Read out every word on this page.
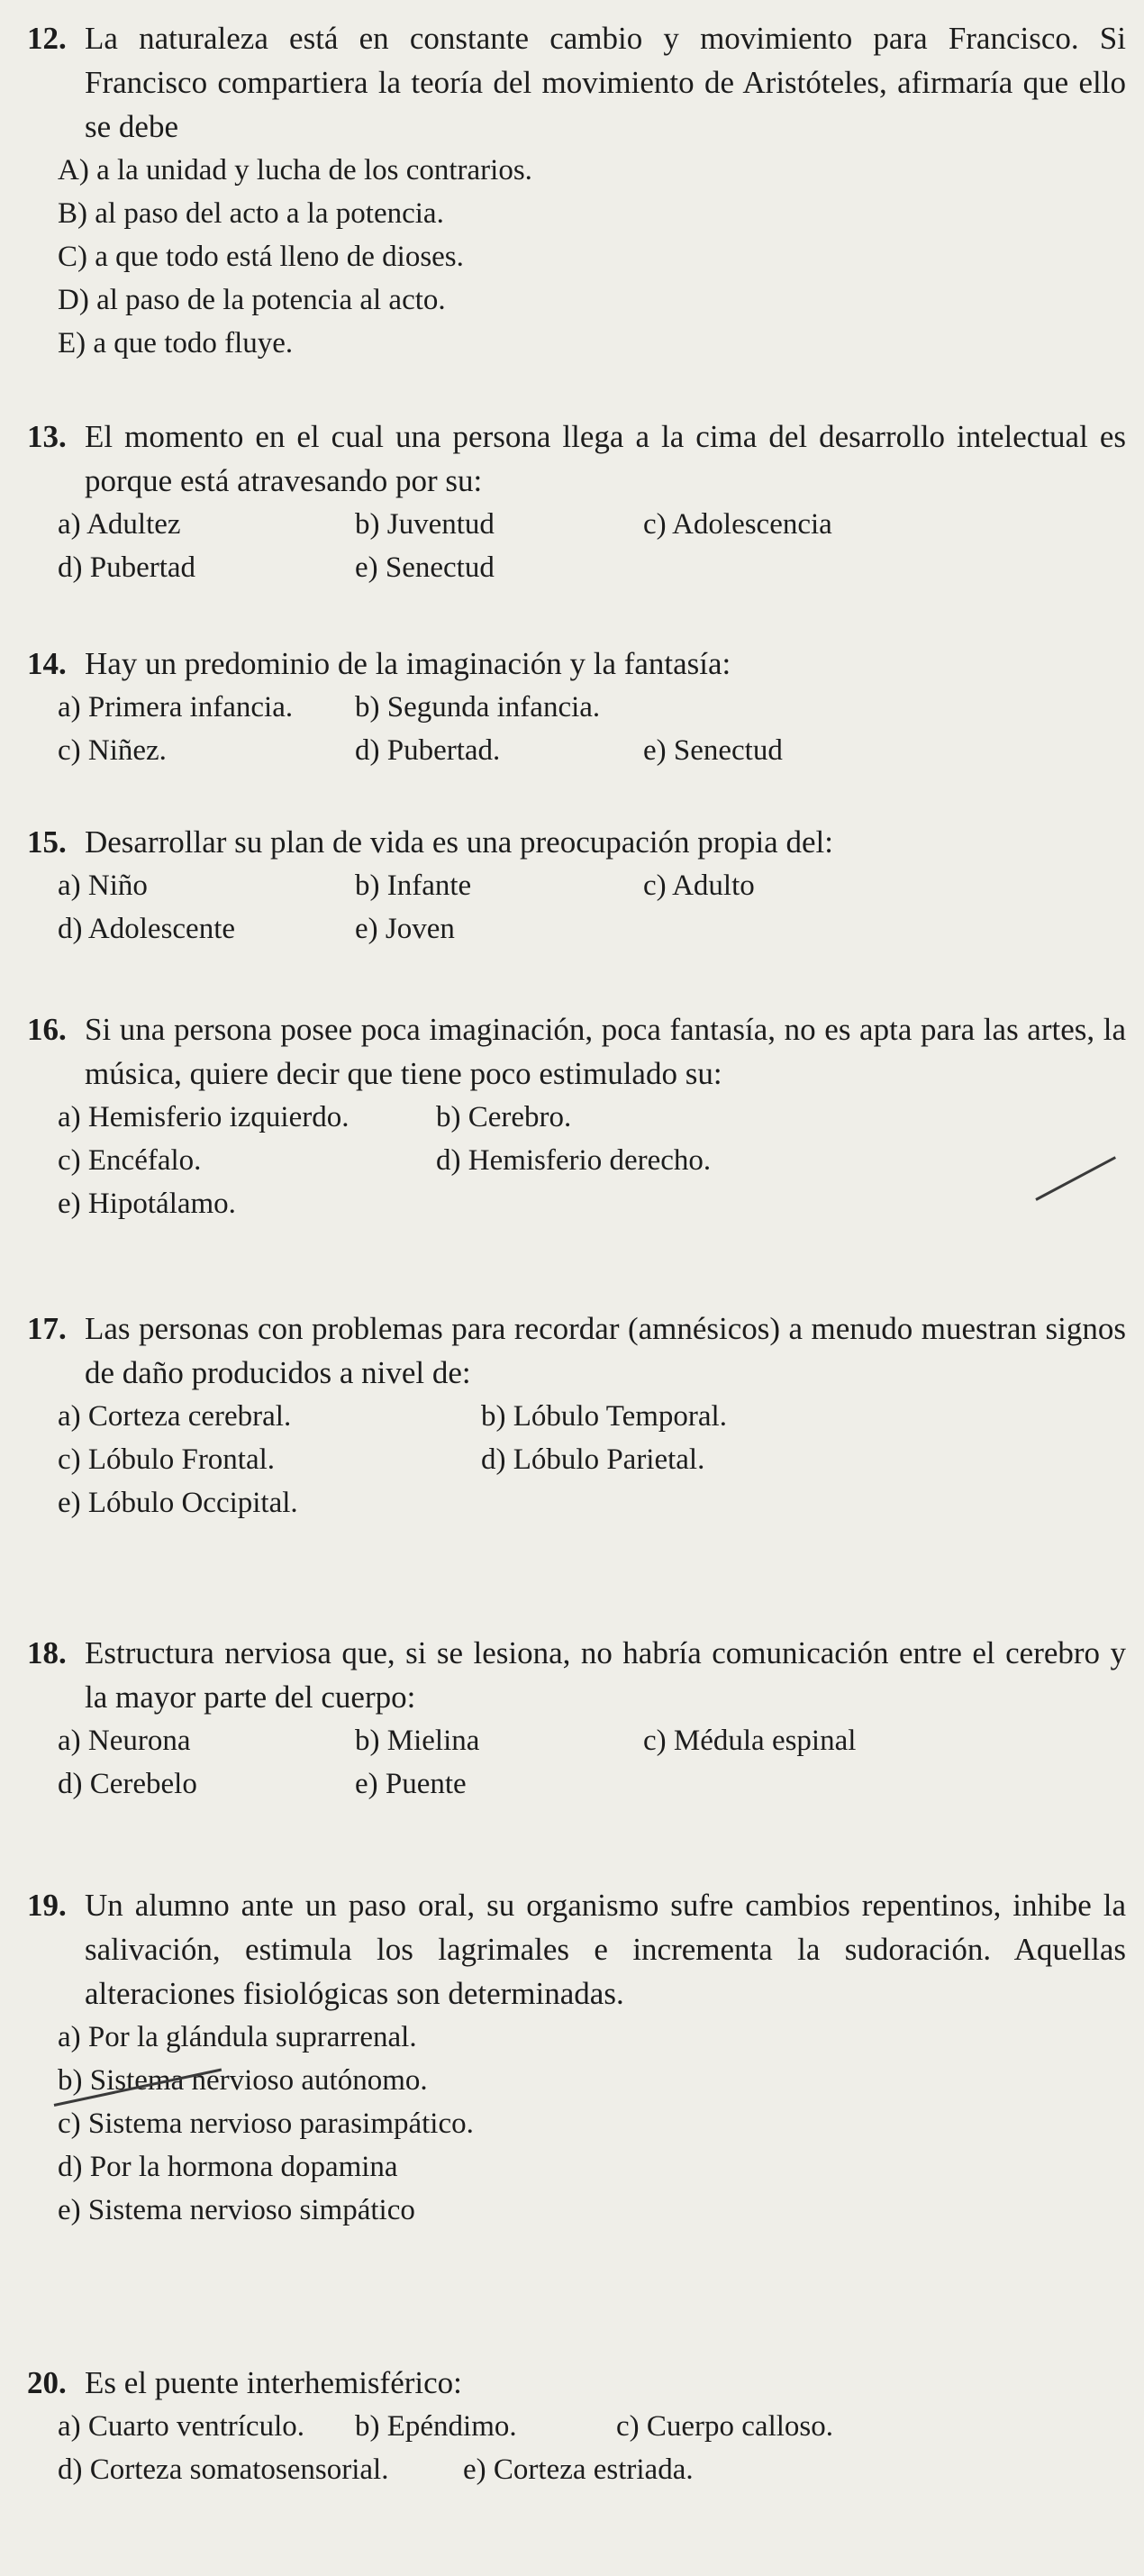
12. La naturaleza está en constante cambio y movimiento para Francisco. Si Francisco compartiera la teoría del movimiento de Aristóteles, afirmaría que ello se debe

A) a la unidad y lucha de los contrarios.
B) al paso del acto a la potencia.
C) a que todo está lleno de dioses.
D) al paso de la potencia al acto.
E) a que todo fluye.

13. El momento en el cual una persona llega a la cima del desarrollo intelectual es porque está atravesando por su:

a) Adultez	b) Juventud	c) Adolescencia
d) Pubertad	e) Senectud

14. Hay un predominio de la imaginación y la fantasía:

a) Primera infancia.	b) Segunda infancia.
c) Niñez.	d) Pubertad.	e) Senectud

15. Desarrollar su plan de vida es una preocupación propia del:

a) Niño	b) Infante	c) Adulto
d) Adolescente	e) Joven

16. Si una persona posee poca imaginación, poca fantasía, no es apta para las artes, la música, quiere decir que tiene poco estimulado su:

a) Hemisferio izquierdo.	b) Cerebro.
c) Encéfalo.	d) Hemisferio derecho.
e) Hipotálamo.

17. Las personas con problemas para recordar (amnésicos) a menudo muestran signos de daño producidos a nivel de:

a) Corteza cerebral.	b) Lóbulo Temporal.
c) Lóbulo Frontal.	d) Lóbulo Parietal.
e) Lóbulo Occipital.

18. Estructura nerviosa que, si se lesiona, no habría comunicación entre el cerebro y la mayor parte del cuerpo:

a) Neurona	b) Mielina	c) Médula espinal
d) Cerebelo	e) Puente

19. Un alumno ante un paso oral, su organismo sufre cambios repentinos, inhibe la salivación, estimula los lagrimales e incrementa la sudoración. Aquellas alteraciones fisiológicas son determinadas.

a) Por la glándula suprarrenal.
b) Sistema nervioso autónomo.
c) Sistema nervioso parasimpático.
d) Por la hormona dopamina
e) Sistema nervioso simpático

20. Es el puente interhemisférico:

a) Cuarto ventrículo.	b) Epéndimo.	c) Cuerpo calloso.
d) Corteza somatosensorial.	e) Corteza estriada.
